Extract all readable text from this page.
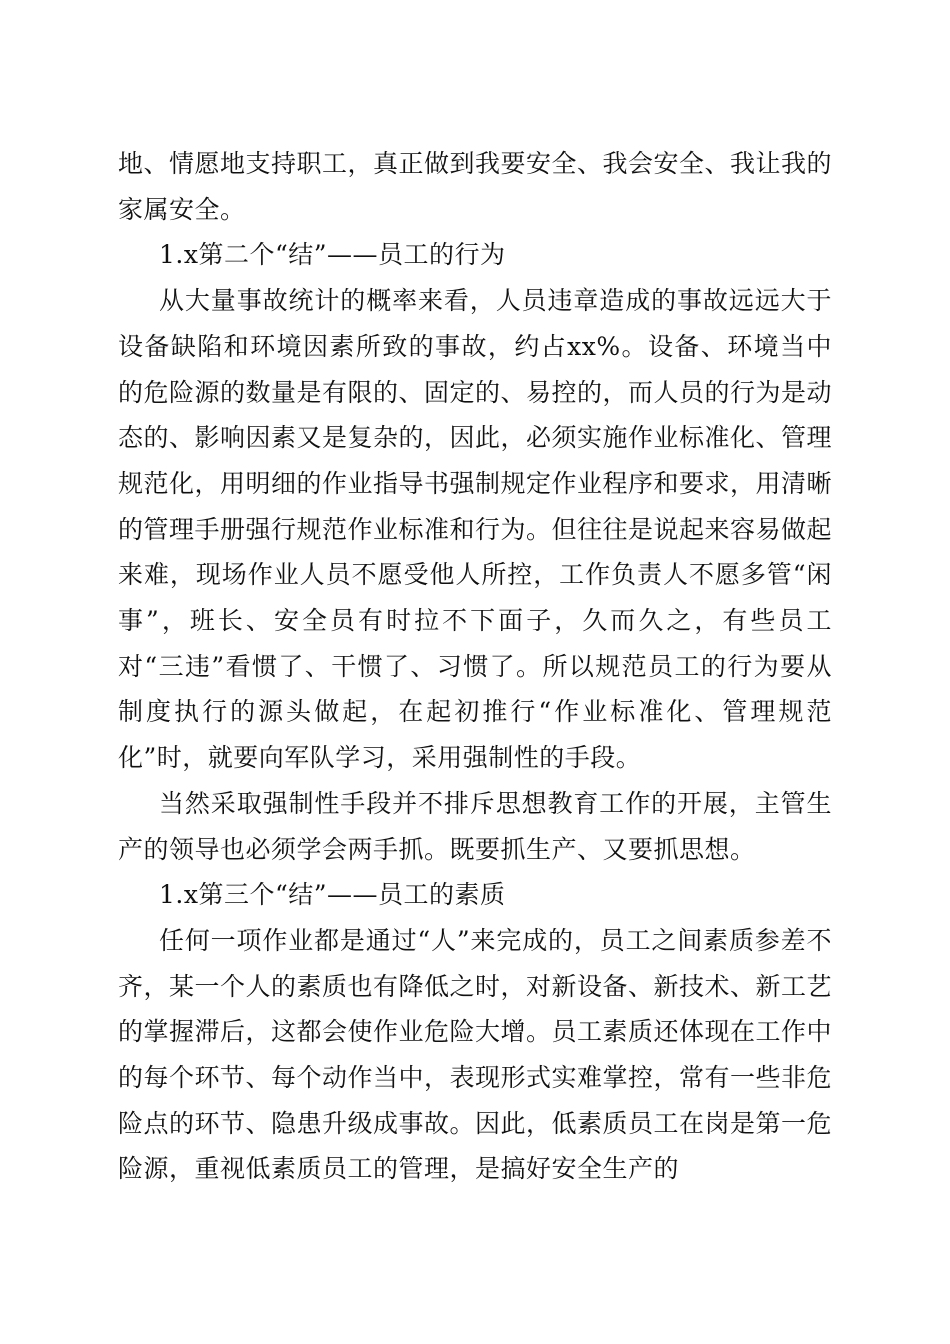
地、情愿地支持职工，真正做到我要安全、我会安全、我让我的家属安全。

1.x第二个“结”——员工的行为

从大量事故统计的概率来看，人员违章造成的事故远远大于设备缺陷和环境因素所致的事故，约占xx%。设备、环境当中的危险源的数量是有限的、固定的、易控的，而人员的行为是动态的、影响因素又是复杂的，因此，必须实施作业标准化、管理规范化，用明细的作业指导书强制规定作业程序和要求，用清晰的管理手册强行规范作业标准和行为。但往往是说起来容易做起来难，现场作业人员不愿受他人所控，工作负责人不愿多管“闲事”，班长、安全员有时拉不下面子，久而久之，有些员工对“三违”看惯了、干惯了、习惯了。所以规范员工的行为要从制度执行的源头做起，在起初推行“作业标准化、管理规范化”时，就要向军队学习，采用强制性的手段。

当然采取强制性手段并不排斥思想教育工作的开展，主管生产的领导也必须学会两手抓。既要抓生产、又要抓思想。

1.x第三个“结”——员工的素质

任何一项作业都是通过“人”来完成的，员工之间素质参差不齐，某一个人的素质也有降低之时，对新设备、新技术、新工艺的掌握滞后，这都会使作业危险大增。员工素质还体现在工作中的每个环节、每个动作当中，表现形式实难掌控，常有一些非危险点的环节、隐患升级成事故。因此，低素质员工在岗是第一危险源，重视低素质员工的管理，是搞好安全生产的
